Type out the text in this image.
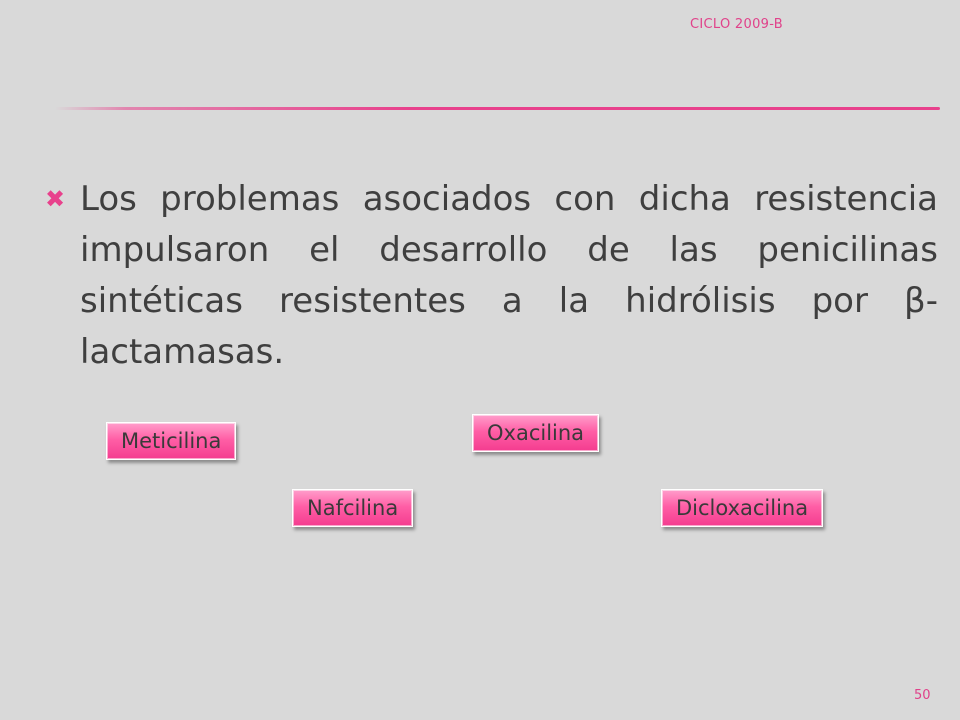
CICLO 2009-B
✖ Los problemas asociados con dicha resistencia impulsaron el desarrollo de las penicilinas sintéticas resistentes a la hidrólisis por β-lactamasas.
Meticilina	Oxacilina
Nafcilina	Dicloxacilina
50
